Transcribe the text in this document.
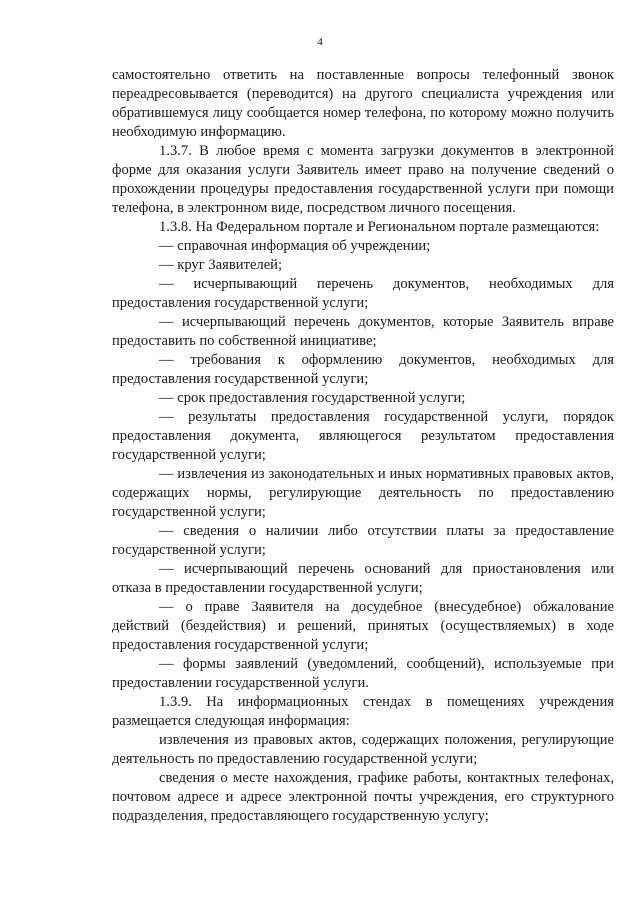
4

самостоятельно ответить на поставленные вопросы телефонный звонок переадресовывается (переводится) на другого специалиста учреждения или обратившемуся лицу сообщается номер телефона, по которому можно получить необходимую информацию.

1.3.7. В любое время с момента загрузки документов в электронной форме для оказания услуги Заявитель имеет право на получение сведений о прохождении процедуры предоставления государственной услуги при помощи телефона, в электронном виде, посредством личного посещения.

1.3.8. На Федеральном портале и Региональном портале размещаются:

— справочная информация об учреждении;

— круг Заявителей;

— исчерпывающий перечень документов, необходимых для предоставления государственной услуги;

— исчерпывающий перечень документов, которые Заявитель вправе предоставить по собственной инициативе;

— требования к оформлению документов, необходимых для предоставления государственной услуги;

— срок предоставления государственной услуги;

— результаты предоставления государственной услуги, порядок предоставления документа, являющегося результатом предоставления государственной услуги;

— извлечения из законодательных и иных нормативных правовых актов, содержащих нормы, регулирующие деятельность по предоставлению государственной услуги;

— сведения о наличии либо отсутствии платы за предоставление государственной услуги;

— исчерпывающий перечень оснований для приостановления или отказа в предоставлении государственной услуги;

— о праве Заявителя на досудебное (внесудебное) обжалование действий (бездействия) и решений, принятых (осуществляемых) в ходе предоставления государственной услуги;

— формы заявлений (уведомлений, сообщений), используемые при предоставлении государственной услуги.

1.3.9. На информационных стендах в помещениях учреждения размещается следующая информация:

извлечения из правовых актов, содержащих положения, регулирующие деятельность по предоставлению государственной услуги;

сведения о месте нахождения, графике работы, контактных телефонах, почтовом адресе и адресе электронной почты учреждения, его структурного подразделения, предоставляющего государственную услугу;
